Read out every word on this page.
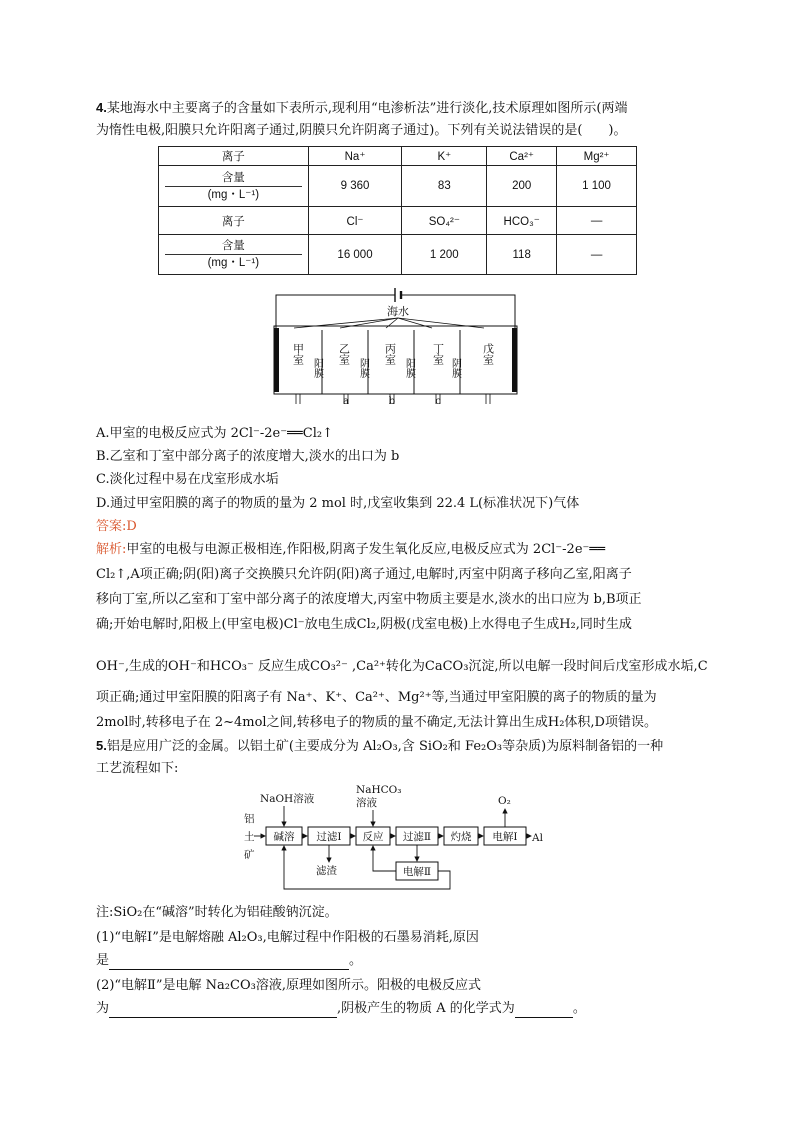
4.某地海水中主要离子的含量如下表所示,现利用“电渗析法”进行淡化,技术原理如图所示(两端
为惰性电极,阳膜只允许阳离子通过,阴膜只允许阴离子通过)。下列有关说法错误的是(　　)。
离子	Na⁺	K⁺	Ca²⁺	Mg²⁺

含量
(mg・L⁻¹)	9 360	83	200	1 100
离子	Cl⁻	SO₄²⁻	HCO₃⁻	—

含量
(mg・L⁻¹)	16 000	1 200	118	—
海水
甲室	乙室	丙室	丁室	戊室
阳膜	阴膜	阳膜	阴膜
a	b	c
A.甲室的电极反应式为 2Cl⁻-2e⁻══Cl₂↑
B.乙室和丁室中部分离子的浓度增大,淡水的出口为 b
C.淡化过程中易在戊室形成水垢
D.通过甲室阳膜的离子的物质的量为 2 mol 时,戊室收集到 22.4 L(标准状况下)气体
答案:D
解析:甲室的电极与电源正极相连,作阳极,阴离子发生氧化反应,电极反应式为 2Cl⁻-2e⁻══
Cl₂↑,A项正确;阴(阳)离子交换膜只允许阴(阳)离子通过,电解时,丙室中阴离子移向乙室,阳离子
移向丁室,所以乙室和丁室中部分离子的浓度增大,丙室中物质主要是水,淡水的出口应为 b,B项正
确;开始电解时,阳极上(甲室电极)Cl⁻放电生成Cl₂,阴极(戊室电极)上水得电子生成H₂,同时生成
OH⁻,生成的OH⁻和HCO₃⁻ 反应生成CO₃²⁻ ,Ca²⁺转化为CaCO₃沉淀,所以电解一段时间后戊室形成水垢,C
项正确;通过甲室阳膜的阳离子有 Na⁺、K⁺、Ca²⁺、Mg²⁺等,当通过甲室阳膜的离子的物质的量为
2mol时,转移电子在 2~4mol之间,转移电子的物质的量不确定,无法计算出生成H₂体积,D项错误。
5.铝是应用广泛的金属。以铝土矿(主要成分为 Al₂O₃,含 SiO₂和 Fe₂O₃等杂质)为原料制备铝的一种
工艺流程如下:
NaOH溶液
NaHCO₃
溶液
铝
土
矿
O₂
Al
滤渣
碱溶 过滤Ⅰ 反应 过滤Ⅱ 灼烧 电解Ⅰ
电解Ⅱ
注:SiO₂在“碱溶”时转化为铝硅酸钠沉淀。
(1)“电解Ⅰ”是电解熔融 Al₂O₃,电解过程中作阳极的石墨易消耗,原因
是	。
(2)“电解Ⅱ”是电解 Na₂CO₃溶液,原理如图所示。阳极的电极反应式
为	,阴极产生的物质 A 的化学式为	。
